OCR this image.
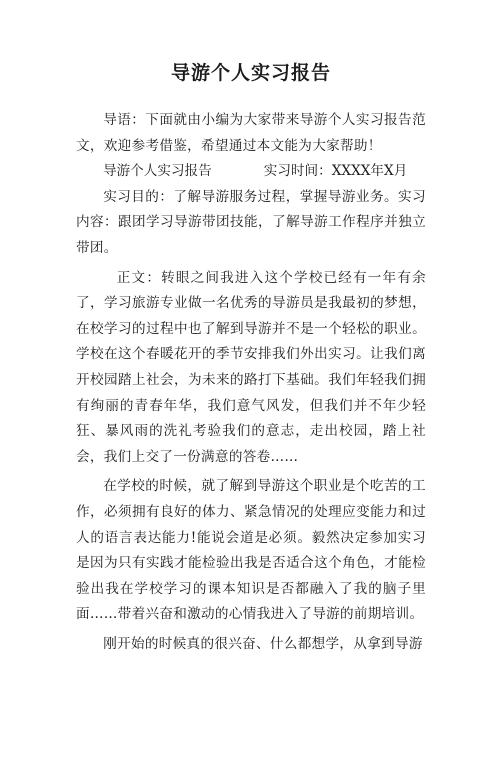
导游个人实习报告

导语：下面就由小编为大家带来导游个人实习报告范文，欢迎参考借鉴，希望通过本文能为大家帮助！

导游个人实习报告	实习时间：XXXX年X月

实习目的：了解导游服务过程，掌握导游业务。实习内容：跟团学习导游带团技能，了解导游工作程序并独立带团。

正文：转眼之间我进入这个学校已经有一年有余了，学习旅游专业做一名优秀的导游员是我最初的梦想，在校学习的过程中也了解到导游并不是一个轻松的职业。学校在这个春暖花开的季节安排我们外出实习。让我们离开校园踏上社会，为未来的路打下基础。我们年轻我们拥有绚丽的青春年华，我们意气风发，但我们并不年少轻狂、暴风雨的洗礼考验我们的意志，走出校园，踏上社会，我们上交了一份满意的答卷……

在学校的时候，就了解到导游这个职业是个吃苦的工作，必须拥有良好的体力、紧急情况的处理应变能力和过人的语言表达能力!能说会道是必须。毅然决定参加实习是因为只有实践才能检验出我是否适合这个角色，才能检验出我在学校学习的课本知识是否都融入了我的脑子里面……带着兴奋和激动的心情我进入了导游的前期培训。

刚开始的时候真的很兴奋、什么都想学，从拿到导游
